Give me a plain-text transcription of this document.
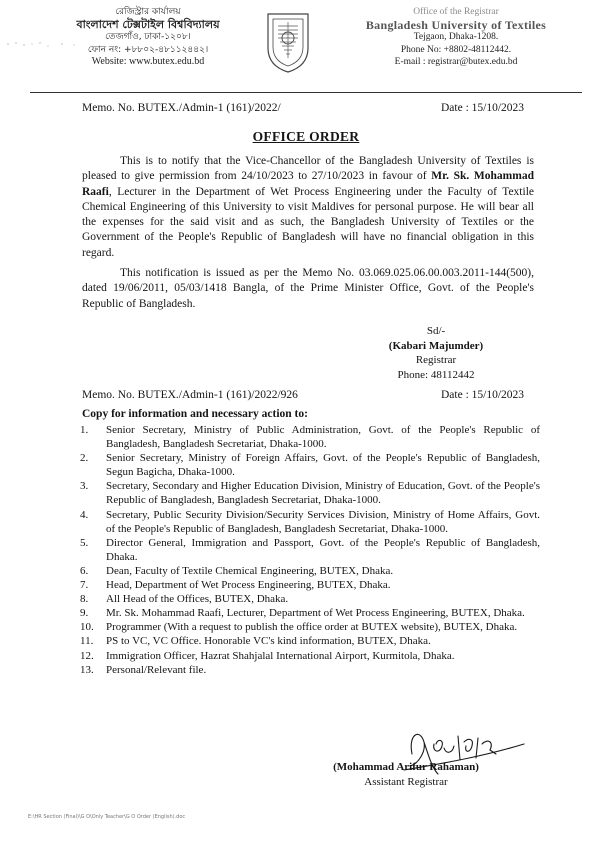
রেজিস্ট্রার কার্যালয়
বাংলাদেশ টেক্সটাইল বিশ্ববিদ্যালয়
তেজগাঁও, ঢাকা-১২০৮।
ফোন নং: +৮৮০২-৪৮১১২৪৪২।
Website: www.butex.edu.bd
Office of the Registrar
Bangladesh University of Textiles
Tejgaon, Dhaka-1208.
Phone No: +8802-48112442.
E-mail : registrar@butex.edu.bd
Memo. No. BUTEX./Admin-1 (161)/2022/	Date : 15/10/2023
OFFICE ORDER
This is to notify that the Vice-Chancellor of the Bangladesh University of Textiles is pleased to give permission from 24/10/2023 to 27/10/2023 in favour of Mr. Sk. Mohammad Raafi, Lecturer in the Department of Wet Process Engineering under the Faculty of Textile Chemical Engineering of this University to visit Maldives for personal purpose. He will bear all the expenses for the said visit and as such, the Bangladesh University of Textiles or the Government of the People's Republic of Bangladesh will have no financial obligation in this regard.
This notification is issued as per the Memo No. 03.069.025.06.00.003.2011-144(500), dated 19/06/2011, 05/03/1418 Bangla, of the Prime Minister Office, Govt. of the People's Republic of Bangladesh.
Sd/-
(Kabari Majumder)
Registrar
Phone: 48112442
Memo. No. BUTEX./Admin-1 (161)/2022/926	Date : 15/10/2023
Copy for information and necessary action to:
1.	Senior Secretary, Ministry of Public Administration, Govt. of the People's Republic of Bangladesh, Bangladesh Secretariat, Dhaka-1000.
2.	Senior Secretary, Ministry of Foreign Affairs, Govt. of the People's Republic of Bangladesh, Segun Bagicha, Dhaka-1000.
3.	Secretary, Secondary and Higher Education Division, Ministry of Education, Govt. of the People's Republic of Bangladesh, Bangladesh Secretariat, Dhaka-1000.
4.	Secretary, Public Security Division/Security Services Division, Ministry of Home Affairs, Govt. of the People's Republic of Bangladesh, Bangladesh Secretariat, Dhaka-1000.
5.	Director General, Immigration and Passport, Govt. of the People's Republic of Bangladesh, Dhaka.
6.	Dean, Faculty of Textile Chemical Engineering, BUTEX, Dhaka.
7.	Head, Department of Wet Process Engineering, BUTEX, Dhaka.
8.	All Head of the Offices, BUTEX, Dhaka.
9.	Mr. Sk. Mohammad Raafi, Lecturer, Department of Wet Process Engineering, BUTEX, Dhaka.
10.	Programmer (With a request to publish the office order at BUTEX website), BUTEX, Dhaka.
11.	PS to VC, VC Office. Honorable VC's kind information, BUTEX, Dhaka.
12.	Immigration Officer, Hazrat Shahjalal International Airport, Kurmitola, Dhaka.
13.	Personal/Relevant file.
(Mohammad Arifur Rahaman)
Assistant Registrar
E:\HR Section (Final)\G O\Only Teacher\G O Order (English).doc
